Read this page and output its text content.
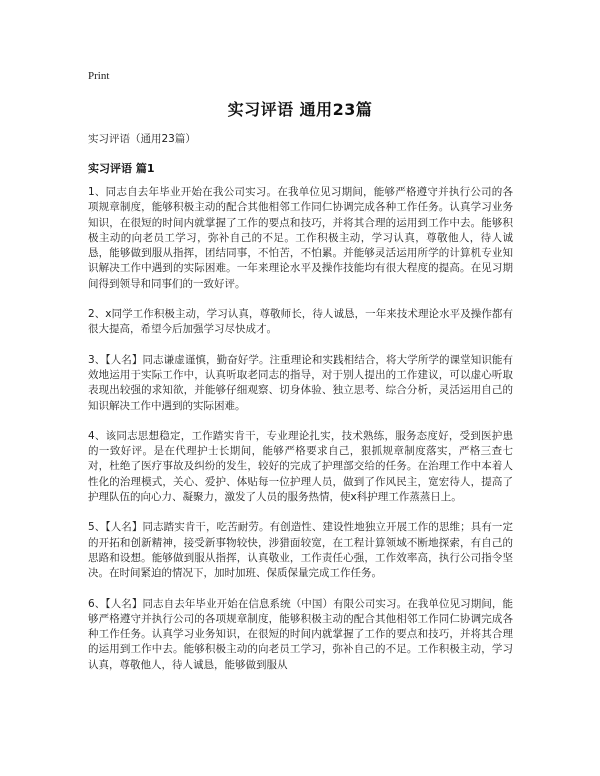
Print
实习评语 通用23篇
实习评语（通用23篇）
实习评语 篇1

1、同志自去年毕业开始在我公司实习。在我单位见习期间，能够严格遵守并执行公司的各项规章制度，能够积极主动的配合其他相邻工作同仁协调完成各种工作任务。认真学习业务知识，在很短的时间内就掌握了工作的要点和技巧，并将其合理的运用到工作中去。能够积极主动的向老员工学习，弥补自己的不足。工作积极主动，学习认真，尊敬他人，待人诚恳，能够做到服从指挥，团结同事，不怕苦，不怕累。并能够灵活运用所学的计算机专业知识解决工作中遇到的实际困难。一年来理论水平及操作技能均有很大程度的提高。在见习期间得到领导和同事们的一致好评。

2、x同学工作积极主动，学习认真，尊敬师长，待人诚恳，一年来技术理论水平及操作都有很大提高，希望今后加强学习尽快成才。

3、【人名】同志谦虚谨慎，勤奋好学。注重理论和实践相结合，将大学所学的课堂知识能有效地运用于实际工作中，认真听取老同志的指导，对于别人提出的工作建议，可以虚心听取表现出较强的求知欲，并能够仔细观察、切身体验、独立思考、综合分析，灵活运用自己的知识解决工作中遇到的实际困难。

4、该同志思想稳定，工作踏实肯干，专业理论扎实，技术熟练，服务态度好，受到医护患的一致好评。是在代理护士长期间，能够严格要求自己，狠抓规章制度落实，严格三查七对，杜绝了医疗事故及纠纷的发生，较好的完成了护理部交给的任务。在治理工作中本着人性化的治理模式，关心、爱护、体贴每一位护理人员，做到了作风民主，宽宏待人，提高了护理队伍的向心力、凝聚力，激发了人员的服务热情，使x科护理工作蒸蒸日上。

5、【人名】同志踏实肯干，吃苦耐劳。有创造性、建设性地独立开展工作的思维；具有一定的开拓和创新精神，接受新事物较快，涉猎面较宽，在工程计算领域不断地探索，有自己的思路和设想。能够做到服从指挥，认真敬业，工作责任心强，工作效率高，执行公司指令坚决。在时间紧迫的情况下，加时加班、保质保量完成工作任务。

6、【人名】同志自去年毕业开始在信息系统（中国）有限公司实习。在我单位见习期间，能够严格遵守并执行公司的各项规章制度，能够积极主动的配合其他相邻工作同仁协调完成各种工作任务。认真学习业务知识，在很短的时间内就掌握了工作的要点和技巧，并将其合理的运用到工作中去。能够积极主动的向老员工学习，弥补自己的不足。工作积极主动，学习认真，尊敬他人，待人诚恳，能够做到服从
